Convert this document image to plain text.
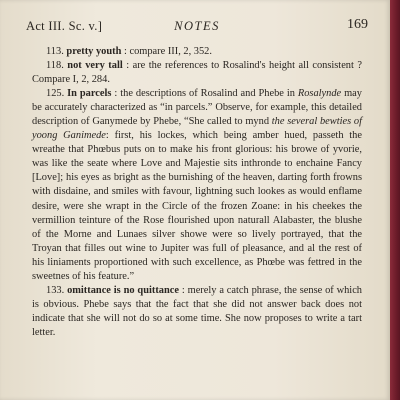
Act III. Sc. v.]	NOTES	169

113. pretty youth : compare III, 2, 352.

118. not very tall : are the references to Rosalind's height all consistent ? Compare I, 2, 284.

125. In parcels : the descriptions of Rosalind and Phebe in Rosalynde may be accurately characterized as “in parcels.” Observe, for example, this detailed description of Ganymede by Phebe, “She called to mynd the several bewties of yoong Ganimede: first, his lockes, which being amber hued, passeth the wreathe that Phœbus puts on to make his front glorious: his browe of yvorie, was like the seate where Love and Majestie sits inthronde to enchaine Fancy [Love]; his eyes as bright as the burnishing of the heaven, darting forth frowns with disdaine, and smiles with favour, lightning such lookes as would enflame desire, were she wrapt in the Circle of the frozen Zoane: in his cheekes the vermillion teinture of the Rose flourished upon naturall Alabaster, the blushe of the Morne and Lunaes silver showe were so lively portrayed, that the Troyan that filles out wine to Jupiter was full of pleasance, and al the rest of his liniaments proportioned with such excellence, as Phœbe was fettred in the sweetnes of his feature.”

133. omittance is no quittance : merely a catch phrase, the sense of which is obvious. Phebe says that the fact that she did not answer back does not indicate that she will not do so at some time. She now proposes to write a tart letter.
